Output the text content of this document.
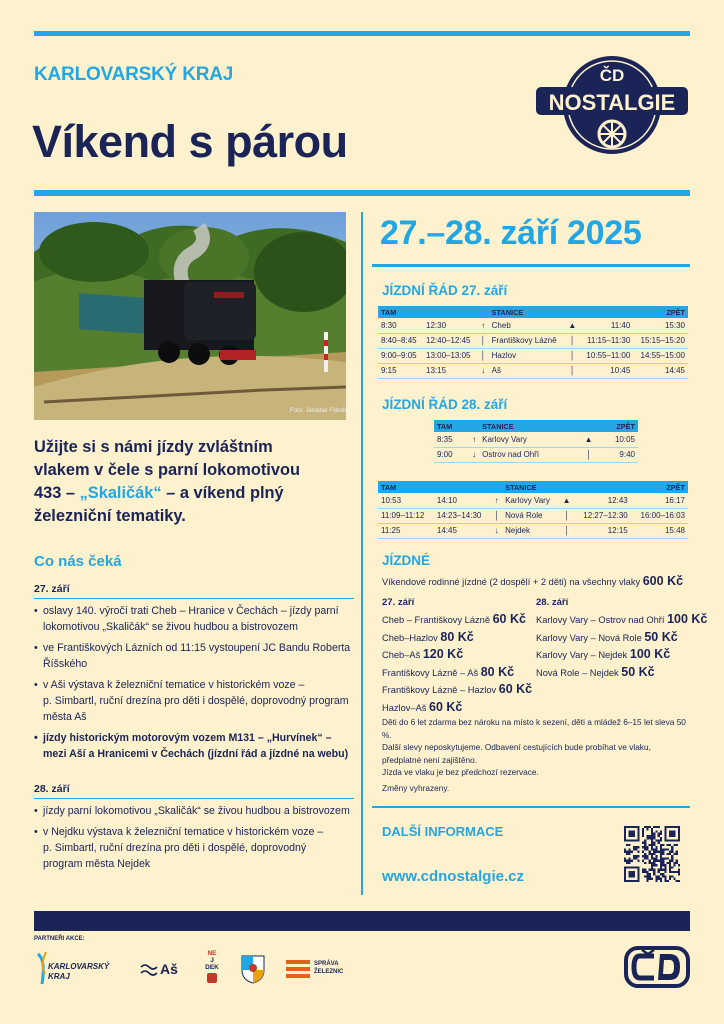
KARLOVARSKÝ KRAJ
Víkend s párou
ČD
NOSTALGIE
Foto: Jaroslav Fýbořec
Užijte si s námi jízdy zvláštním
vlakem v čele s parní lokomotivou
433 – „Skaličák“ – a víkend plný
železniční tematiky.
Co nás čeká
27. září
28. září
27.–28. září 2025
JÍZDNÍ ŘÁD 27. září
TAM			STANICE		ZPĚT	
8:30	12:30	↑	Cheb	▲	11:40	15:30
8:40–8:45	12:40–12:45	│	Františkovy Lázně	│	11:15–11:30	15:15–15:20
9:00–9:05	13:00–13:05	│	Hazlov	│	10:55–11:00	14:55–15:00
9:15	13:15	↓	Aš	│	10:45	14:45
JÍZDNÍ ŘÁD 28. září
TAM		STANICE		ZPĚT
8:35	↑	Karlovy Vary	▲	10:05
9:00	↓	Ostrov nad Ohří	│	9:40
TAM			STANICE		ZPĚT	
10:53	14:10	↑	Karlovy Vary	▲	12:43	16:17
11:09–11:12	14:23–14:30	│	Nová Role	│	12:27–12:30	16:00–16:03
11:25	14:45	↓	Nejdek	│	12:15	15:48
JÍZDNÉ
Víkendové rodinné jízdné (2 dospělí + 2 děti) na všechny vlaky 600 Kč
27. září	28. září
Děti do 6 let zdarma bez nároku na místo k sezení, děti a mládež 6–15 let sleva 50 %.
Další slevy neposkytujeme. Odbavení cestujících bude probíhat ve vlaku,
předplatné není zajištěno.
Jízda ve vlaku je bez předchozí rezervace.
Změny vyhrazeny.
DALŠÍ INFORMACE
www.cdnostalgie.cz
PARTNEŘI AKCE:
KARLOVARSKÝ
KRAJ	Aš
NE
J
DEK	SPRÁVA
ŽELEZNIC
• oslavy 140. výročí trati Cheb – Hranice v Čechách – jízdy parní
lokomotivou „Skaličák“ se živou hudbou a bistrovozem
• ve Františkových Lázních od 11:15 vystoupení JC Bandu Roberta
Říšského
• v Aši výstava k železniční tematice v historickém voze –
p. Simbartl, ruční drezína pro děti i dospělé, doprovodný program
města Aš
• jízdy historickým motorovým vozem M131 – „Hurvínek“ –
mezi Aší a Hranicemi v Čechách (jízdní řád a jízdné na webu)
• jízdy parní lokomotivou „Skaličák“ se živou hudbou a bistrovozem
• v Nejdku výstava k železniční tematice v historickém voze –
p. Simbartl, ruční drezína pro děti i dospělé, doprovodný
program města Nejdek
Cheb – Františkovy Lázně 60 Kč
Cheb–Hazlov 80 Kč
Cheb–Aš 120 Kč
Františkovy Lázně – Aš 80 Kč
Františkovy Lázně – Hazlov 60 Kč
Hazlov–Aš 60 Kč
Karlovy Vary – Ostrov nad Ohří 100 Kč
Karlovy Vary – Nová Role 50 Kč
Karlovy Vary – Nejdek 100 Kč
Nová Role – Nejdek 50 Kč
